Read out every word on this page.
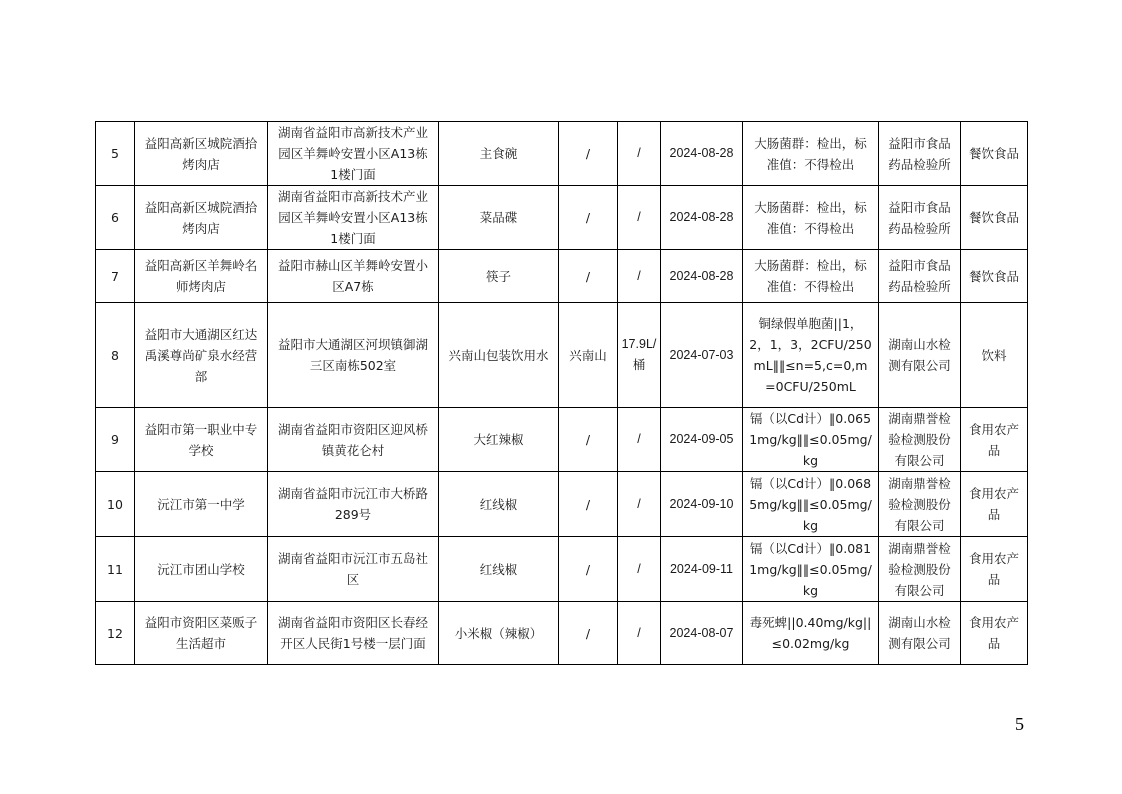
5	益阳高新区城院酒拾烤肉店	湖南省益阳市高新技术产业园区羊舞岭安置小区A13栋1楼门面	主食碗	/	/	2024-08-28	大肠菌群：检出，标准值：不得检出	益阳市食品药品检验所	餐饮食品
6	益阳高新区城院酒拾烤肉店	湖南省益阳市高新技术产业园区羊舞岭安置小区A13栋1楼门面	菜品碟	/	/	2024-08-28	大肠菌群：检出，标准值：不得检出	益阳市食品药品检验所	餐饮食品
7	益阳高新区羊舞岭名师烤肉店	益阳市赫山区羊舞岭安置小区A7栋	筷子	/	/	2024-08-28	大肠菌群：检出，标准值：不得检出	益阳市食品药品检验所	餐饮食品
8	益阳市大通湖区红达禹溪尊尚矿泉水经营部	益阳市大通湖区河坝镇御湖三区南栋502室	兴南山包装饮用水	兴南山	17.9L/桶	2024-07-03	铜绿假单胞菌||1，2，1，3，2CFU/250mL‖‖≤n=5,c=0,m=0CFU/250mL	湖南山水检测有限公司	饮料
9	益阳市第一职业中专学校	湖南省益阳市资阳区迎风桥镇黄花仑村	大红辣椒	/	/	2024-09-05	镉（以Cd计）‖0.0651mg/kg‖‖≤0.05mg/kg	湖南鼎誉检验检测股份有限公司	食用农产品
10	沅江市第一中学	湖南省益阳市沅江市大桥路289号	红线椒	/	/	2024-09-10	镉（以Cd计）‖0.0685mg/kg‖‖≤0.05mg/kg	湖南鼎誉检验检测股份有限公司	食用农产品
11	沅江市团山学校	湖南省益阳市沅江市五岛社区	红线椒	/	/	2024-09-11	镉（以Cd计）‖0.0811mg/kg‖‖≤0.05mg/kg	湖南鼎誉检验检测股份有限公司	食用农产品
12	益阳市资阳区菜贩子生活超市	湖南省益阳市资阳区长春经开区人民街1号楼一层门面	小米椒（辣椒）	/	/	2024-08-07	毒死蜱||0.40mg/kg||≤0.02mg/kg	湖南山水检测有限公司	食用农产品
5
